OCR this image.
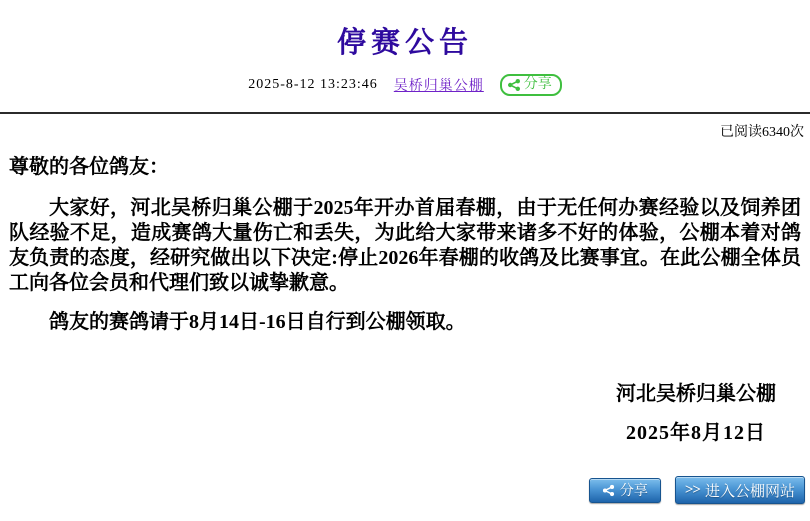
停赛公告
2025-8-12 13:23:46 吴桥归巢公棚	分享
已阅读6340次

尊敬的各位鸽友：

大家好，河北吴桥归巢公棚于2025年开办首届春棚，由于无任何办赛经验以及饲养团队经验不足，造成赛鸽大量伤亡和丢失，为此给大家带来诸多不好的体验，公棚本着对鸽友负责的态度，经研究做出以下决定:停止2026年春棚的收鸽及比赛事宜。在此公棚全体员工向各位会员和代理们致以诚挚歉意。

鸽友的赛鸽请于8月14日-16日自行到公棚领取。

河北吴桥归巢公棚
2025年8月12日
分享 >> 进入公棚网站
